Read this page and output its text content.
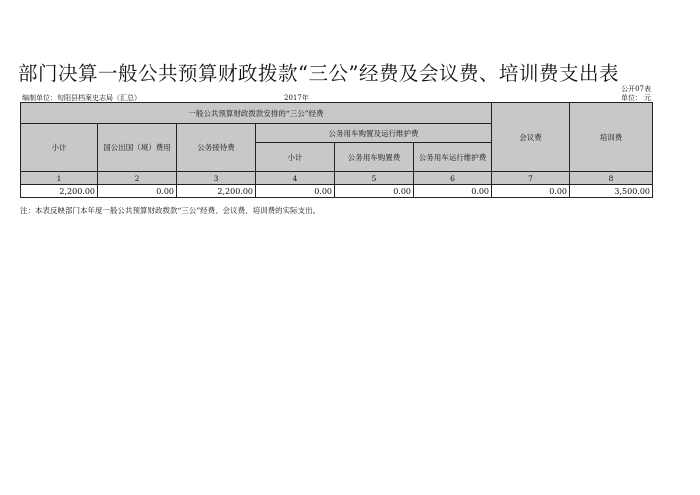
部门决算一般公共预算财政拨款“三公”经费及会议费、培训费支出表
公开07表
单位： 元
编制单位：旬阳县档案史志局（汇总）	2017年
一般公共预算财政拨款安排的“三公”经费						会议费	培训费
小计	国公出国（境）费用	公务接待费	公务用车购置及运行维护费				
			小计	公务用车购置费	公务用车运行维护费		
1	2	3	4	5	6	7	8
2,200.00	0.00	2,200.00	0.00	0.00	0.00	0.00	3,500.00
注：本表反映部门本年度一般公共预算财政拨款“三公”经费、会议费、培训费的实际支出。
